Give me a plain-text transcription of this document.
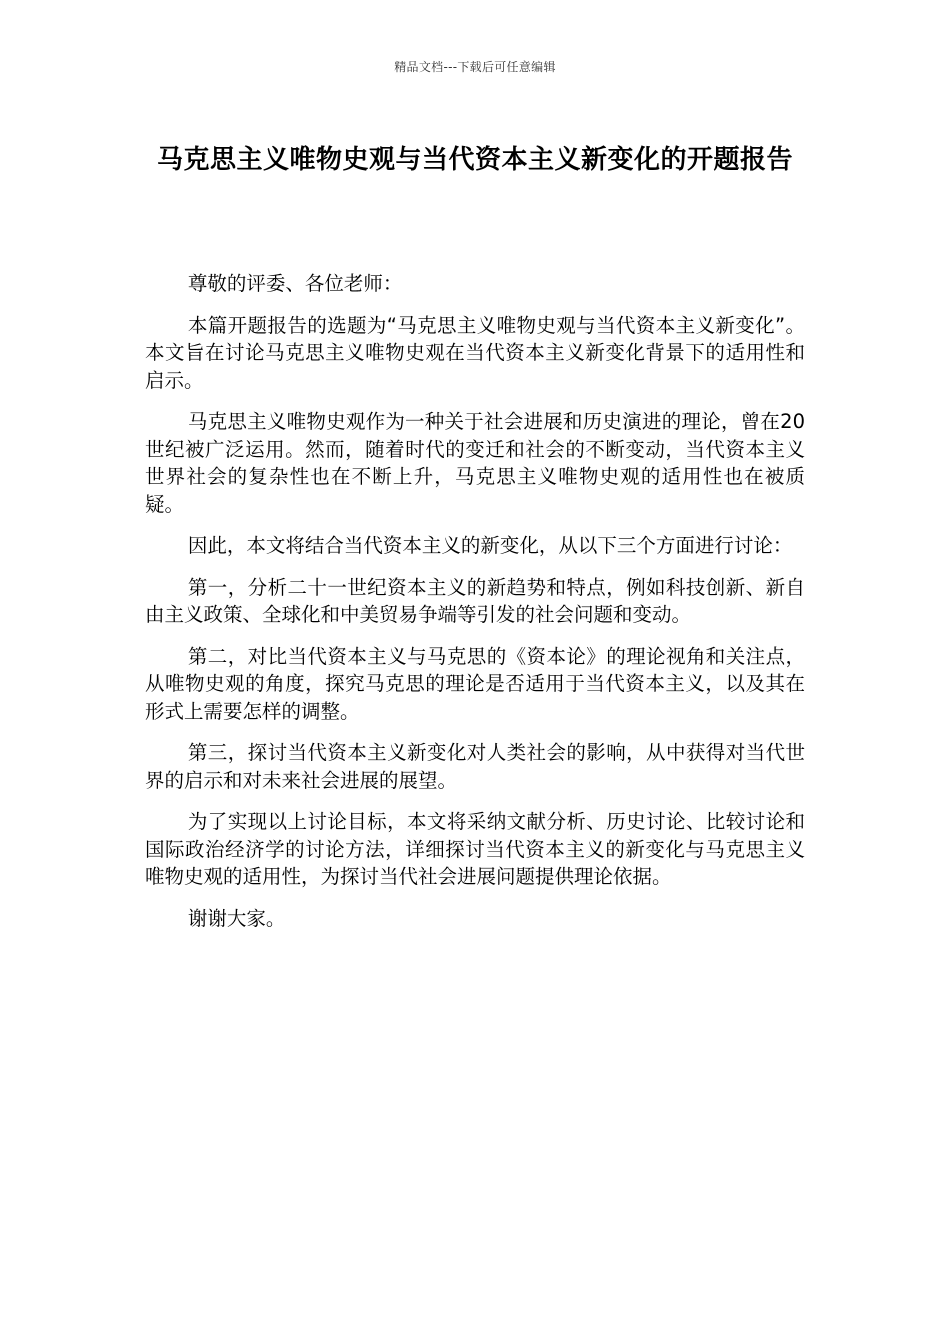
精品文档---下载后可任意编辑
马克思主义唯物史观与当代资本主义新变化的开题报告

尊敬的评委、各位老师：

本篇开题报告的选题为“马克思主义唯物史观与当代资本主义新变化”。本文旨在讨论马克思主义唯物史观在当代资本主义新变化背景下的适用性和启示。

马克思主义唯物史观作为一种关于社会进展和历史演进的理论，曾在20世纪被广泛运用。然而，随着时代的变迁和社会的不断变动，当代资本主义世界社会的复杂性也在不断上升，马克思主义唯物史观的适用性也在被质疑。

因此，本文将结合当代资本主义的新变化，从以下三个方面进行讨论：

第一，分析二十一世纪资本主义的新趋势和特点，例如科技创新、新自由主义政策、全球化和中美贸易争端等引发的社会问题和变动。

第二，对比当代资本主义与马克思的《资本论》的理论视角和关注点，从唯物史观的角度，探究马克思的理论是否适用于当代资本主义，以及其在形式上需要怎样的调整。

第三，探讨当代资本主义新变化对人类社会的影响，从中获得对当代世界的启示和对未来社会进展的展望。

为了实现以上讨论目标，本文将采纳文献分析、历史讨论、比较讨论和国际政治经济学的讨论方法，详细探讨当代资本主义的新变化与马克思主义唯物史观的适用性，为探讨当代社会进展问题提供理论依据。

谢谢大家。
